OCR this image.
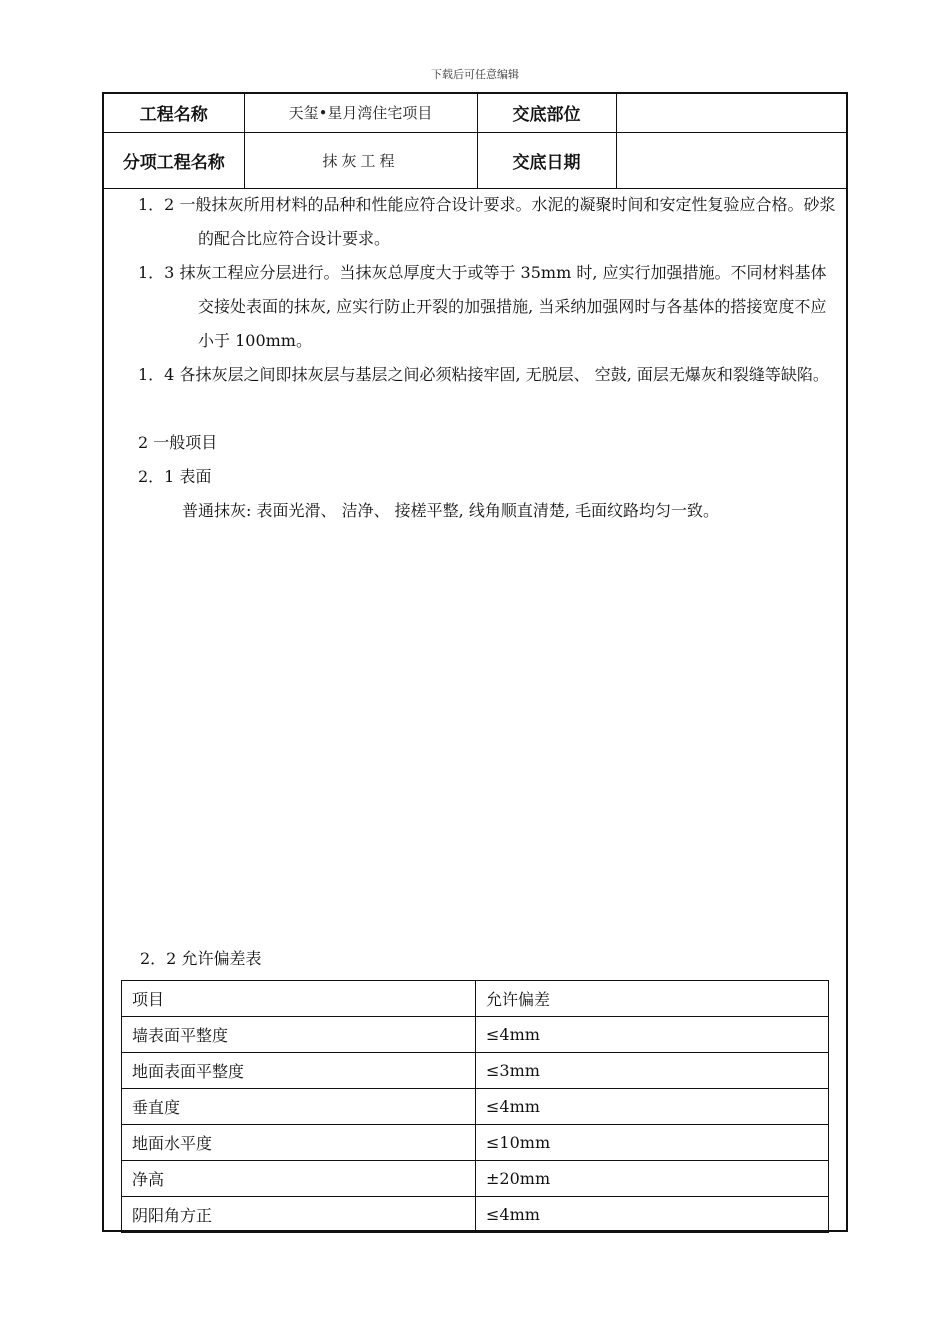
下载后可任意编辑
工程名称	天玺•星月湾住宅项目	交底部位	
分项工程名称	抹灰工程	交底日期	

1．2 一般抹灰所用材料的品种和性能应符合设计要求。水泥的凝聚时间和安定性复验应合格。砂浆的配合比应符合设计要求。

1．3 抹灰工程应分层进行。当抹灰总厚度大于或等于 35mm 时, 应实行加强措施。不同材料基体交接处表面的抹灰, 应实行防止开裂的加强措施, 当采纳加强网时与各基体的搭接宽度不应小于 100mm。

1．4 各抹灰层之间即抹灰层与基层之间必须粘接牢固, 无脱层、 空鼓, 面层无爆灰和裂缝等缺陷。

2 一般项目

2．1 表面

普通抹灰: 表面光滑、 洁净、 接槎平整, 线角顺直清楚, 毛面纹路均匀一致。

2．2 允许偏差表
项目	允许偏差
墙表面平整度	≤4mm
地面表面平整度	≤3mm
垂直度	≤4mm
地面水平度	≤10mm
净高	±20mm
阴阳角方正	≤4mm
